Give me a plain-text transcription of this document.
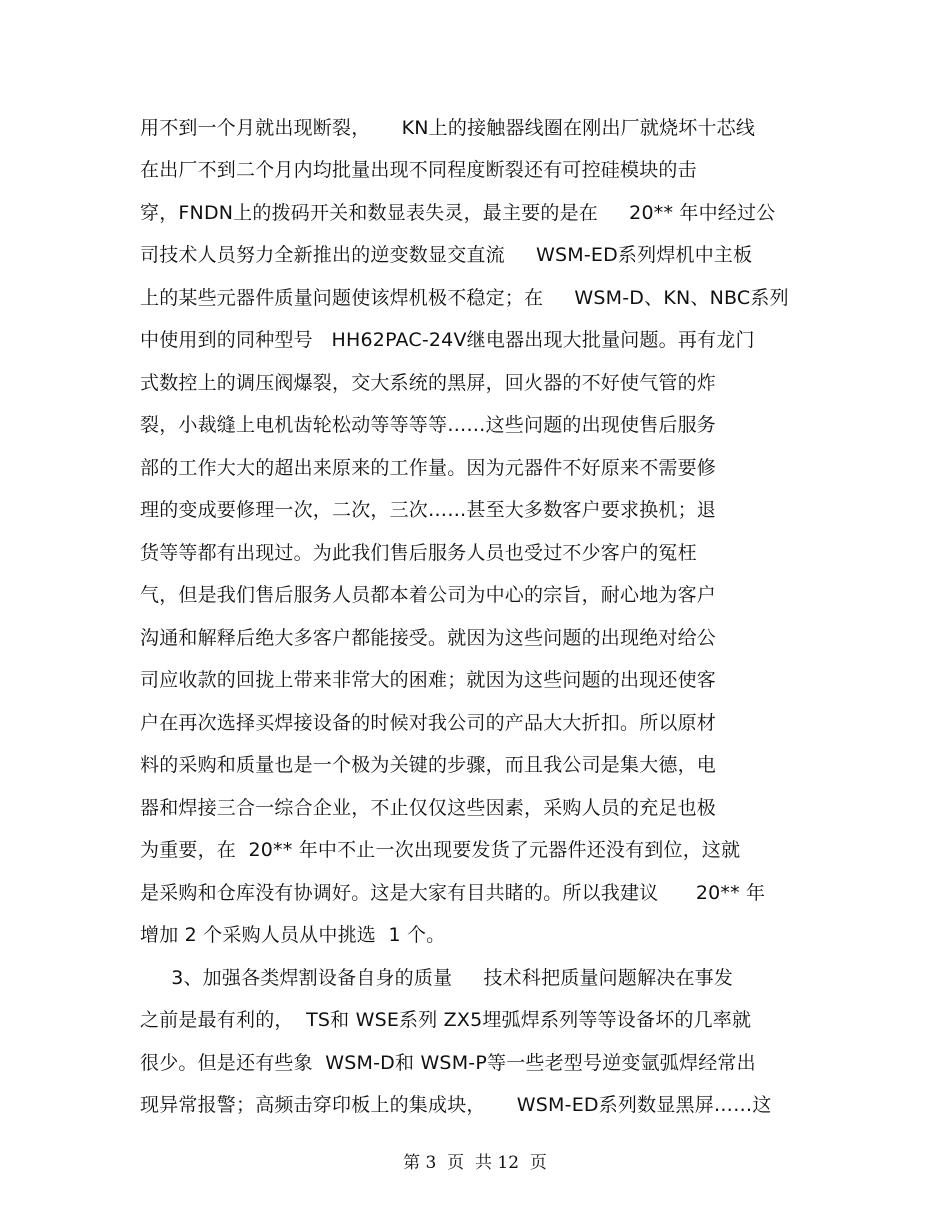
用不到一个月就出现断裂，     KN上的接触器线圈在刚出厂就烧坏十芯线
在出厂不到二个月内均批量出现不同程度断裂还有可控硅模块的击
穿，FNDN上的拨码开关和数显表失灵，最主要的是在     20** 年中经过公
司技术人员努力全新推出的逆变数显交直流     WSM-ED系列焊机中主板
上的某些元器件质量问题使该焊机极不稳定；在     WSM-D、KN、NBC系列
中使用到的同种型号   HH62PAC-24V继电器出现大批量问题。再有龙门
式数控上的调压阀爆裂，交大系统的黑屏，回火器的不好使气管的炸
裂，小裁缝上电机齿轮松动等等等等……这些问题的出现使售后服务
部的工作大大的超出来原来的工作量。因为元器件不好原来不需要修
理的变成要修理一次，二次，三次……甚至大多数客户要求换机；退
货等等都有出现过。为此我们售后服务人员也受过不少客户的冤枉
气，但是我们售后服务人员都本着公司为中心的宗旨，耐心地为客户
沟通和解释后绝大多客户都能接受。就因为这些问题的出现绝对给公
司应收款的回拢上带来非常大的困难；就因为这些问题的出现还使客
户在再次选择买焊接设备的时候对我公司的产品大大折扣。所以原材
料的采购和质量也是一个极为关键的步骤，而且我公司是集大德，电
器和焊接三合一综合企业，不止仅仅这些因素，采购人员的充足也极
为重要，在  20** 年中不止一次出现要发货了元器件还没有到位，这就
是采购和仓库没有协调好。这是大家有目共睹的。所以我建议      20** 年
增加 2 个采购人员从中挑选  1 个。
3、加强各类焊割设备自身的质量     技术科把质量问题解决在事发
之前是最有利的，  TS和 WSE系列 ZX5埋弧焊系列等等设备坏的几率就
很少。但是还有些象  WSM-D和 WSM-P等一些老型号逆变氩弧焊经常出
现异常报警；高频击穿印板上的集成块，     WSM-ED系列数显黑屏……这
第 3  页  共 12  页
